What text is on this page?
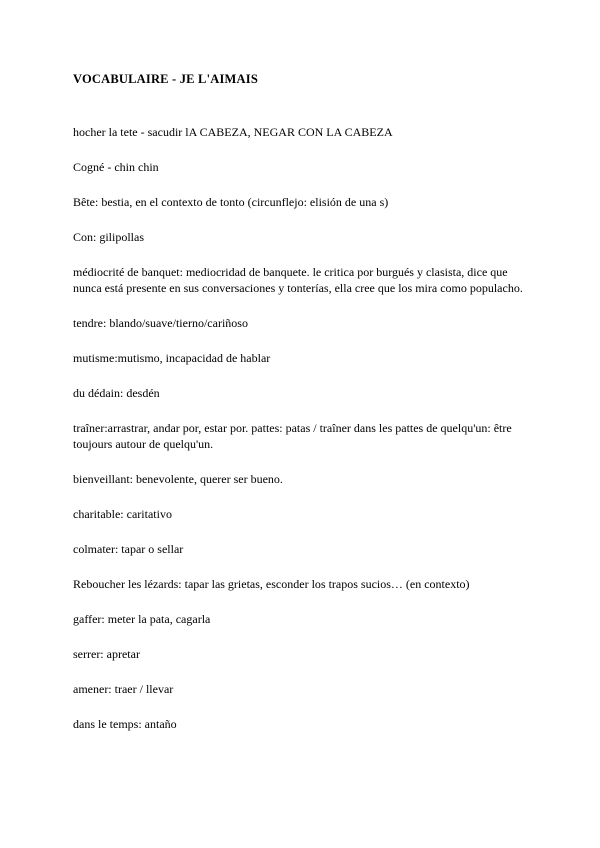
VOCABULAIRE - JE L'AIMAIS
hocher la tete - sacudir lA CABEZA, NEGAR CON LA CABEZA
Cogné - chin chin
Bête: bestia, en el contexto de tonto (circunflejo: elisión de una s)
Con: gilipollas
médiocrité de banquet: mediocridad de banquete. le critica por burgués y clasista, dice que nunca está presente en sus conversaciones y tonterías, ella cree que los mira como populacho.
tendre: blando/suave/tierno/cariñoso
mutisme:mutismo, incapacidad de hablar
du dédain: desdén
traîner:arrastrar, andar por, estar por. pattes: patas / traîner dans les pattes de quelqu'un: être toujours autour de quelqu'un.
bienveillant: benevolente, querer ser bueno.
charitable: caritativo
colmater: tapar o sellar
Reboucher les lézards: tapar las grietas, esconder los trapos sucios… (en contexto)
gaffer: meter la pata, cagarla
serrer: apretar
amener: traer / llevar
dans le temps: antaño
